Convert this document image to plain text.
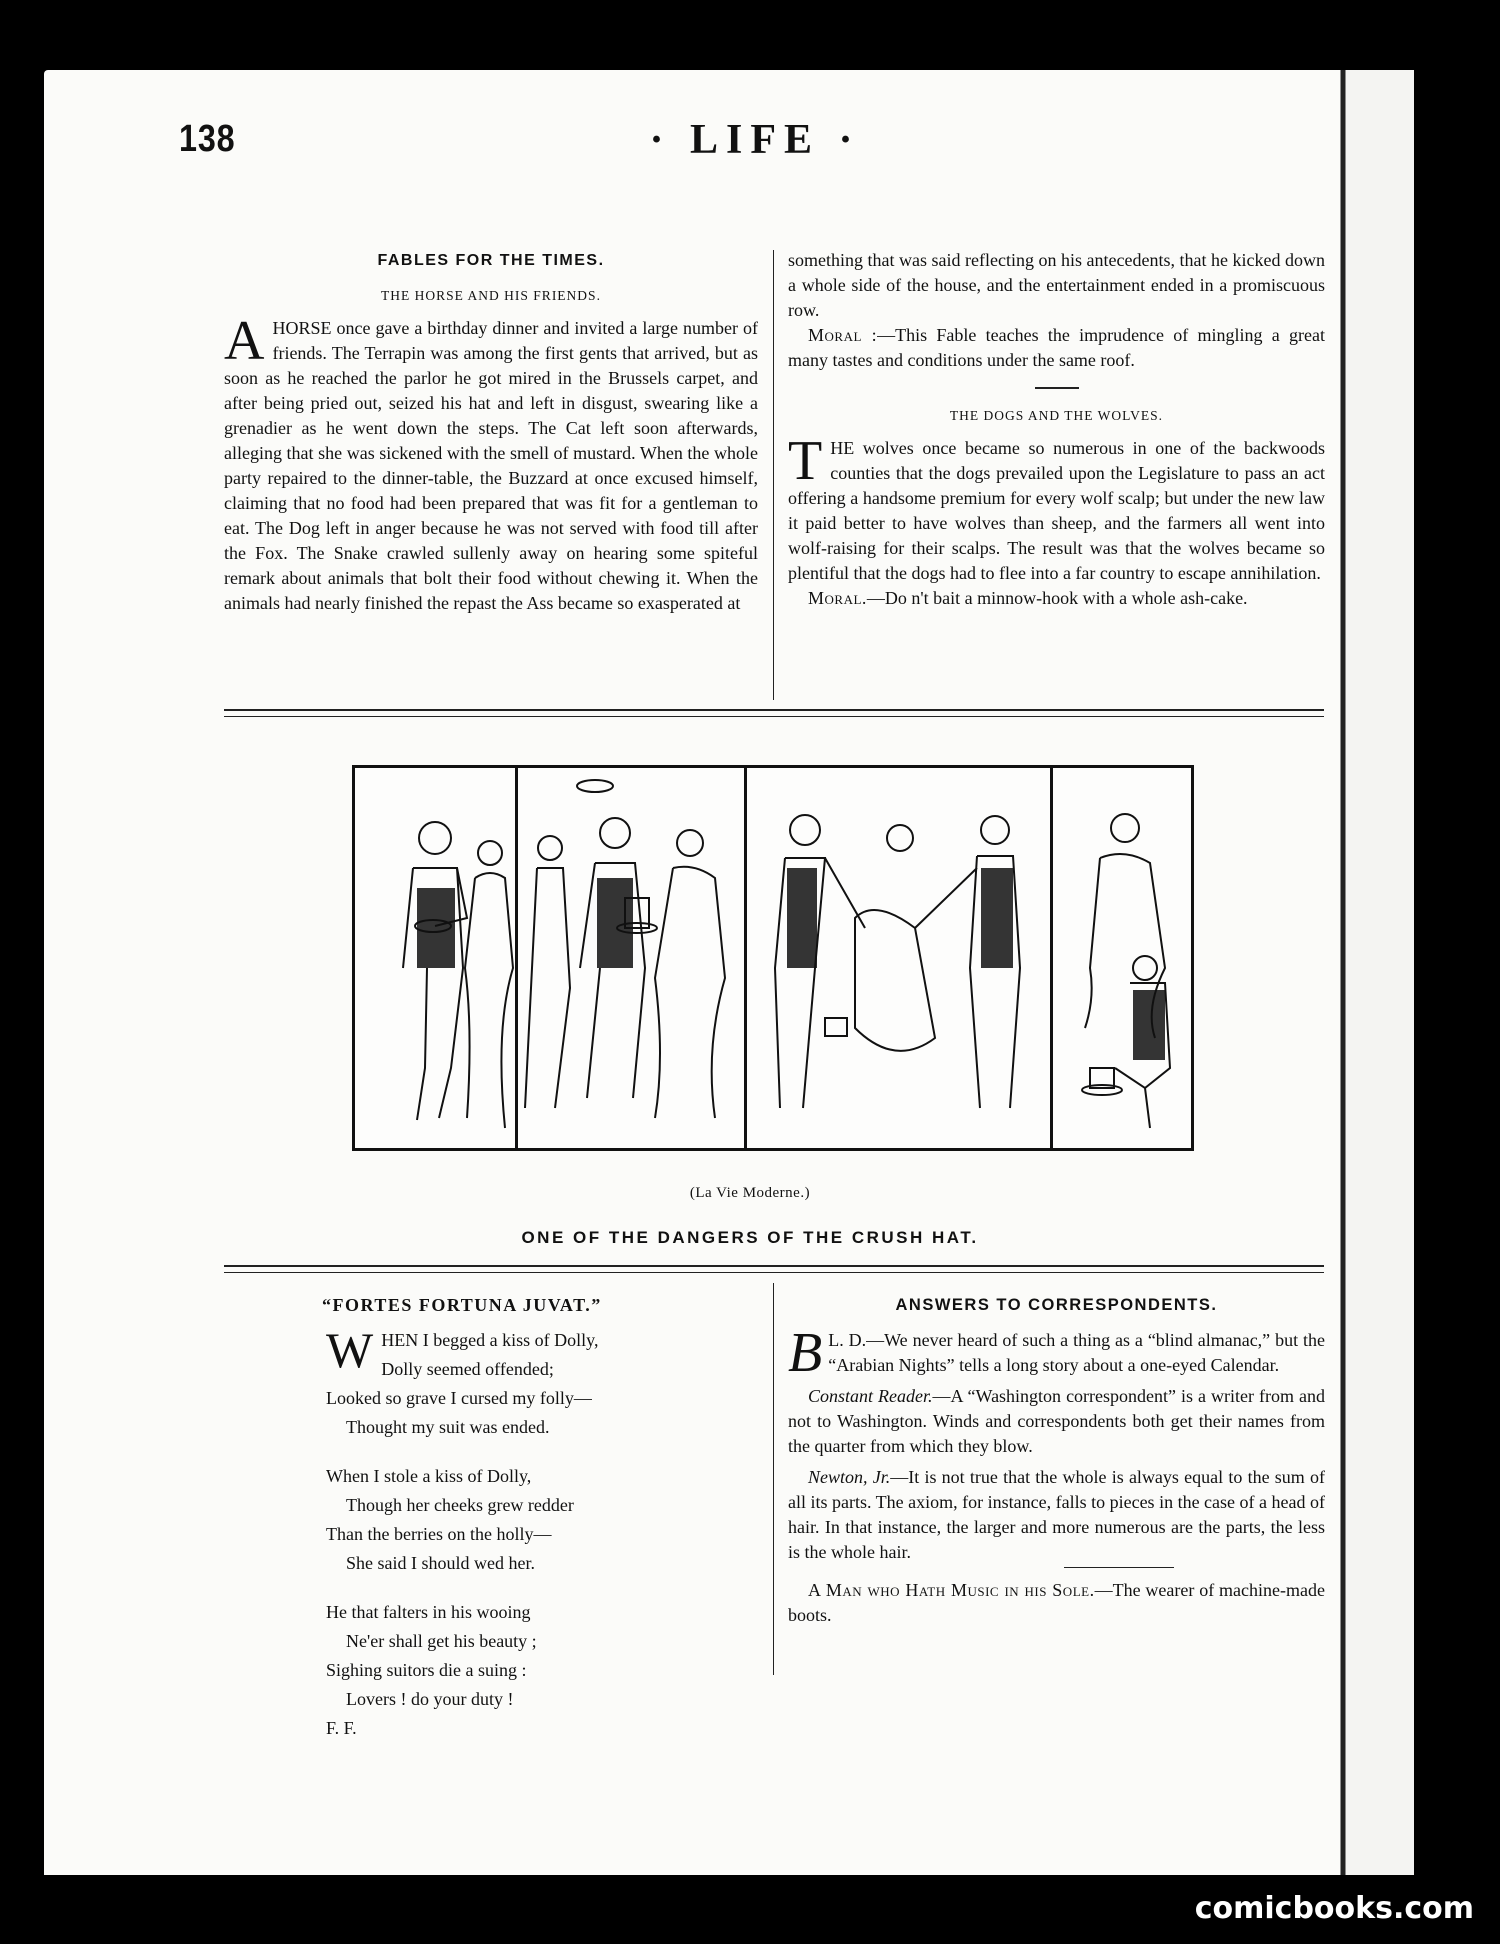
138	· LIFE ·
FABLES FOR THE TIMES.
THE HORSE AND HIS FRIENDS.

A HORSE once gave a birthday dinner and invited a large number of friends. The Terrapin was among the first gents that arrived, but as soon as he reached the parlor he got mired in the Brussels carpet, and after being pried out, seized his hat and left in disgust, swearing like a grenadier as he went down the steps. The Cat left soon afterwards, alleging that she was sickened with the smell of mustard. When the whole party repaired to the dinner-table, the Buzzard at once excused himself, claiming that no food had been prepared that was fit for a gentleman to eat. The Dog left in anger because he was not served with food till after the Fox. The Snake crawled sullenly away on hearing some spiteful remark about animals that bolt their food without chewing it. When the animals had nearly finished the repast the Ass became so exasperated at

something that was said reflecting on his antecedents, that he kicked down a whole side of the house, and the entertainment ended in a promiscuous row.

Moral :—This Fable teaches the imprudence of mingling a great many tastes and conditions under the same roof.

THE DOGS AND THE WOLVES.

THE wolves once became so numerous in one of the backwoods counties that the dogs prevailed upon the Legislature to pass an act offering a handsome premium for every wolf scalp; but under the new law it paid better to have wolves than sheep, and the farmers all went into wolf-raising for their scalps. The result was that the wolves became so plentiful that the dogs had to flee into a far country to escape annihilation.

Moral.—Do n't bait a minnow-hook with a whole ash-cake.

(La Vie Moderne.)
ONE OF THE DANGERS OF THE CRUSH HAT.
“FORTES FORTUNA JUVAT.”

WHEN I begged a kiss of Dolly,

Dolly seemed offended;

Looked so grave I cursed my folly—

Thought my suit was ended.

When I stole a kiss of Dolly,

Though her cheeks grew redder

Than the berries on the holly—

She said I should wed her.

He that falters in his wooing

Ne'er shall get his beauty ;

Sighing suitors die a suing :

Lovers ! do your duty !

F. F.

ANSWERS TO CORRESPONDENTS.

B L. D.—We never heard of such a thing as a “blind almanac,” but the “Arabian Nights” tells a long story about a one-eyed Calendar.

Constant Reader.—A “Washington correspondent” is a writer from and not to Washington. Winds and correspondents both get their names from the quarter from which they blow.

Newton, Jr.—It is not true that the whole is always equal to the sum of all its parts. The axiom, for instance, falls to pieces in the case of a head of hair. In that instance, the larger and more numerous are the parts, the less is the whole hair.

A Man who Hath Music in his Sole.—The wearer of machine-made boots.

comicbooks.com
